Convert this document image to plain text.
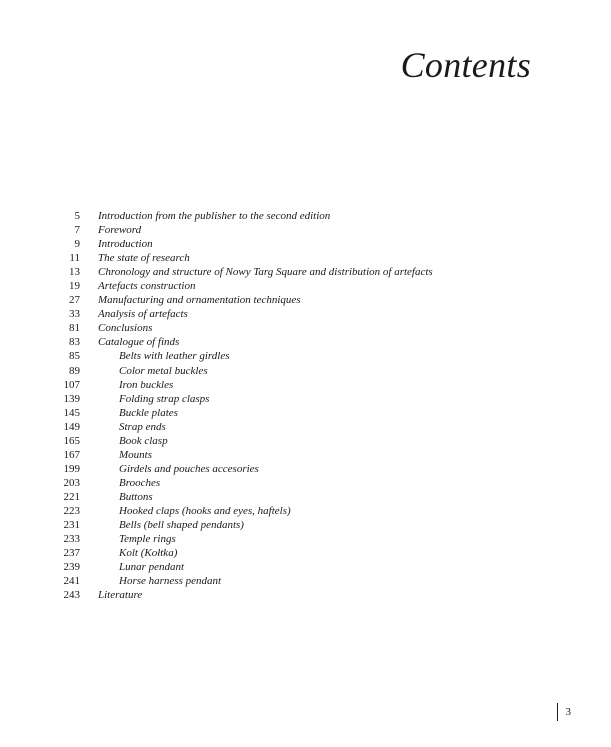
Contents
5	Introduction from the publisher to the second edition
7	Foreword
9	Introduction
11	The state of research
13	Chronology and structure of Nowy Targ Square and distribution of artefacts
19	Artefacts construction
27	Manufacturing and ornamentation techniques
33	Analysis of artefacts
81	Conclusions
83	Catalogue of finds
85	Belts with leather girdles
89	Color metal buckles
107	Iron buckles
139	Folding strap clasps
145	Buckle plates
149	Strap ends
165	Book clasp
167	Mounts
199	Girdels and pouches accesories
203	Brooches
221	Buttons
223	Hooked claps (hooks and eyes, haftels)
231	Bells (bell shaped pendants)
233	Temple rings
237	Kolt (Kołtka)
239	Lunar pendant
241	Horse harness pendant
243	Literature
3
